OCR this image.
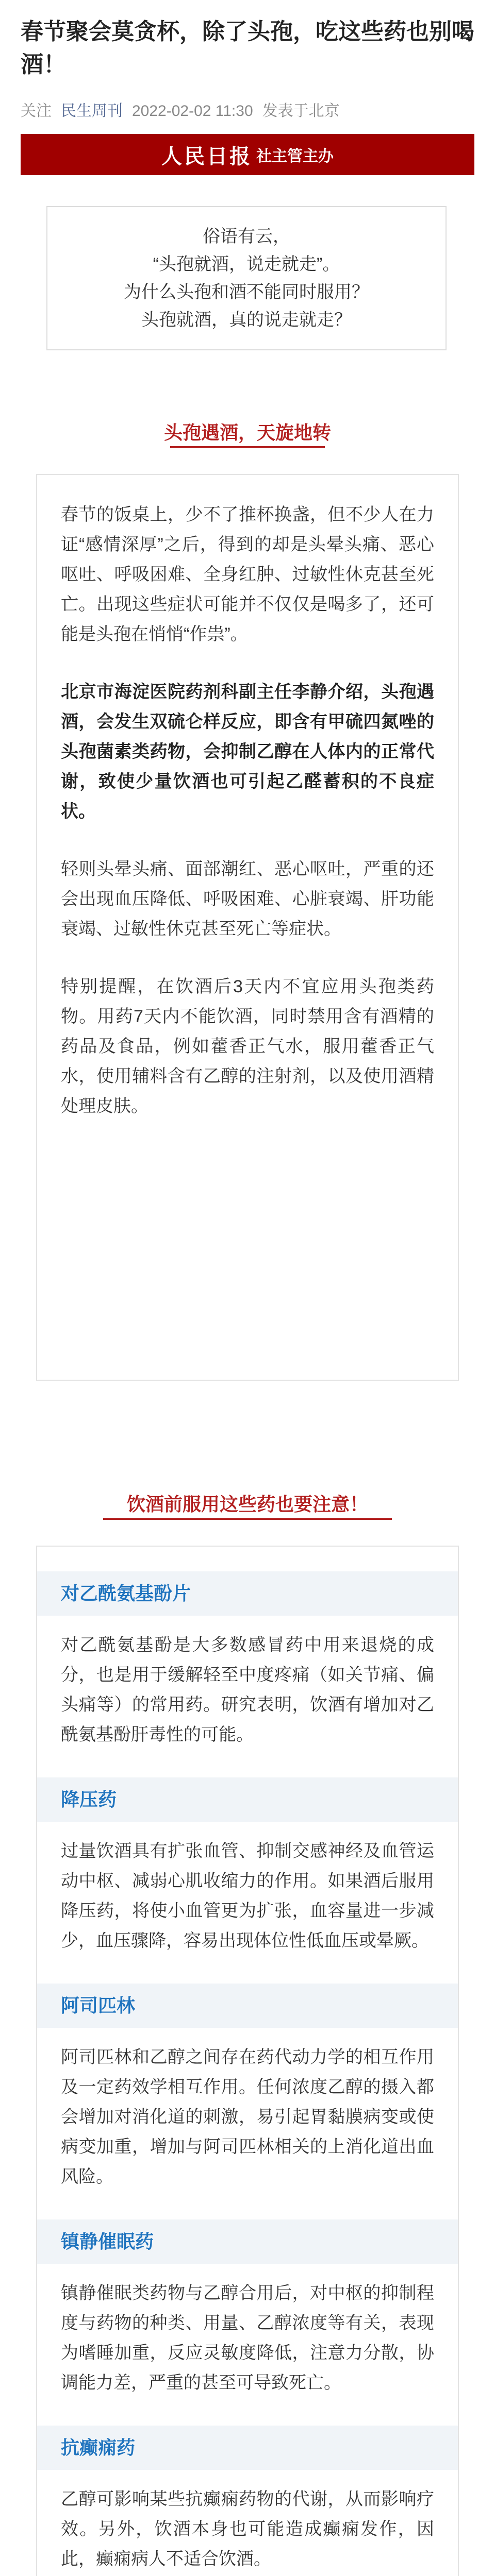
春节聚会莫贪杯，除了头孢，吃这些药也别喝酒！
关注 民生周刊 2022-02-02 11:30 发表于北京
人民日报 社主管主办

俗语有云，

“头孢就酒，说走就走”。

为什么头孢和酒不能同时服用？

头孢就酒，真的说走就走？

头孢遇酒，天旋地转

春节的饭桌上，少不了推杯换盏，但不少人在力证“感情深厚”之后，得到的却是头晕头痛、恶心呕吐、呼吸困难、全身红肿、过敏性休克甚至死亡。出现这些症状可能并不仅仅是喝多了，还可能是头孢在悄悄“作祟”。

北京市海淀医院药剂科副主任李静介绍，头孢遇酒，会发生双硫仑样反应，即含有甲硫四氮唑的头孢菌素类药物，会抑制乙醇在人体内的正常代谢，致使少量饮酒也可引起乙醛蓄积的不良症状。

轻则头晕头痛、面部潮红、恶心呕吐，严重的还会出现血压降低、呼吸困难、心脏衰竭、肝功能衰竭、过敏性休克甚至死亡等症状。

特别提醒，在饮酒后3天内不宜应用头孢类药物。用药7天内不能饮酒，同时禁用含有酒精的药品及食品，例如藿香正气水，服用藿香正气水，使用辅料含有乙醇的注射剂，以及使用酒精处理皮肤。

饮酒前服用这些药也要注意！
对乙酰氨基酚片

对乙酰氨基酚是大多数感冒药中用来退烧的成分，也是用于缓解轻至中度疼痛（如关节痛、偏头痛等）的常用药。研究表明，饮酒有增加对乙酰氨基酚肝毒性的可能。

降压药

过量饮酒具有扩张血管、抑制交感神经及血管运动中枢、减弱心肌收缩力的作用。如果酒后服用降压药，将使小血管更为扩张，血容量进一步减少，血压骤降，容易出现体位性低血压或晕厥。

阿司匹林

阿司匹林和乙醇之间存在药代动力学的相互作用及一定药效学相互作用。任何浓度乙醇的摄入都会增加对消化道的刺激，易引起胃黏膜病变或使病变加重，增加与阿司匹林相关的上消化道出血风险。

镇静催眠药

镇静催眠类药物与乙醇合用后，对中枢的抑制程度与药物的种类、用量、乙醇浓度等有关，表现为嗜睡加重，反应灵敏度降低，注意力分散，协调能力差，严重的甚至可导致死亡。

抗癫痫药

乙醇可影响某些抗癫痫药物的代谢，从而影响疗效。另外，饮酒本身也可能造成癫痫发作，因此，癫痫病人不适合饮酒。
